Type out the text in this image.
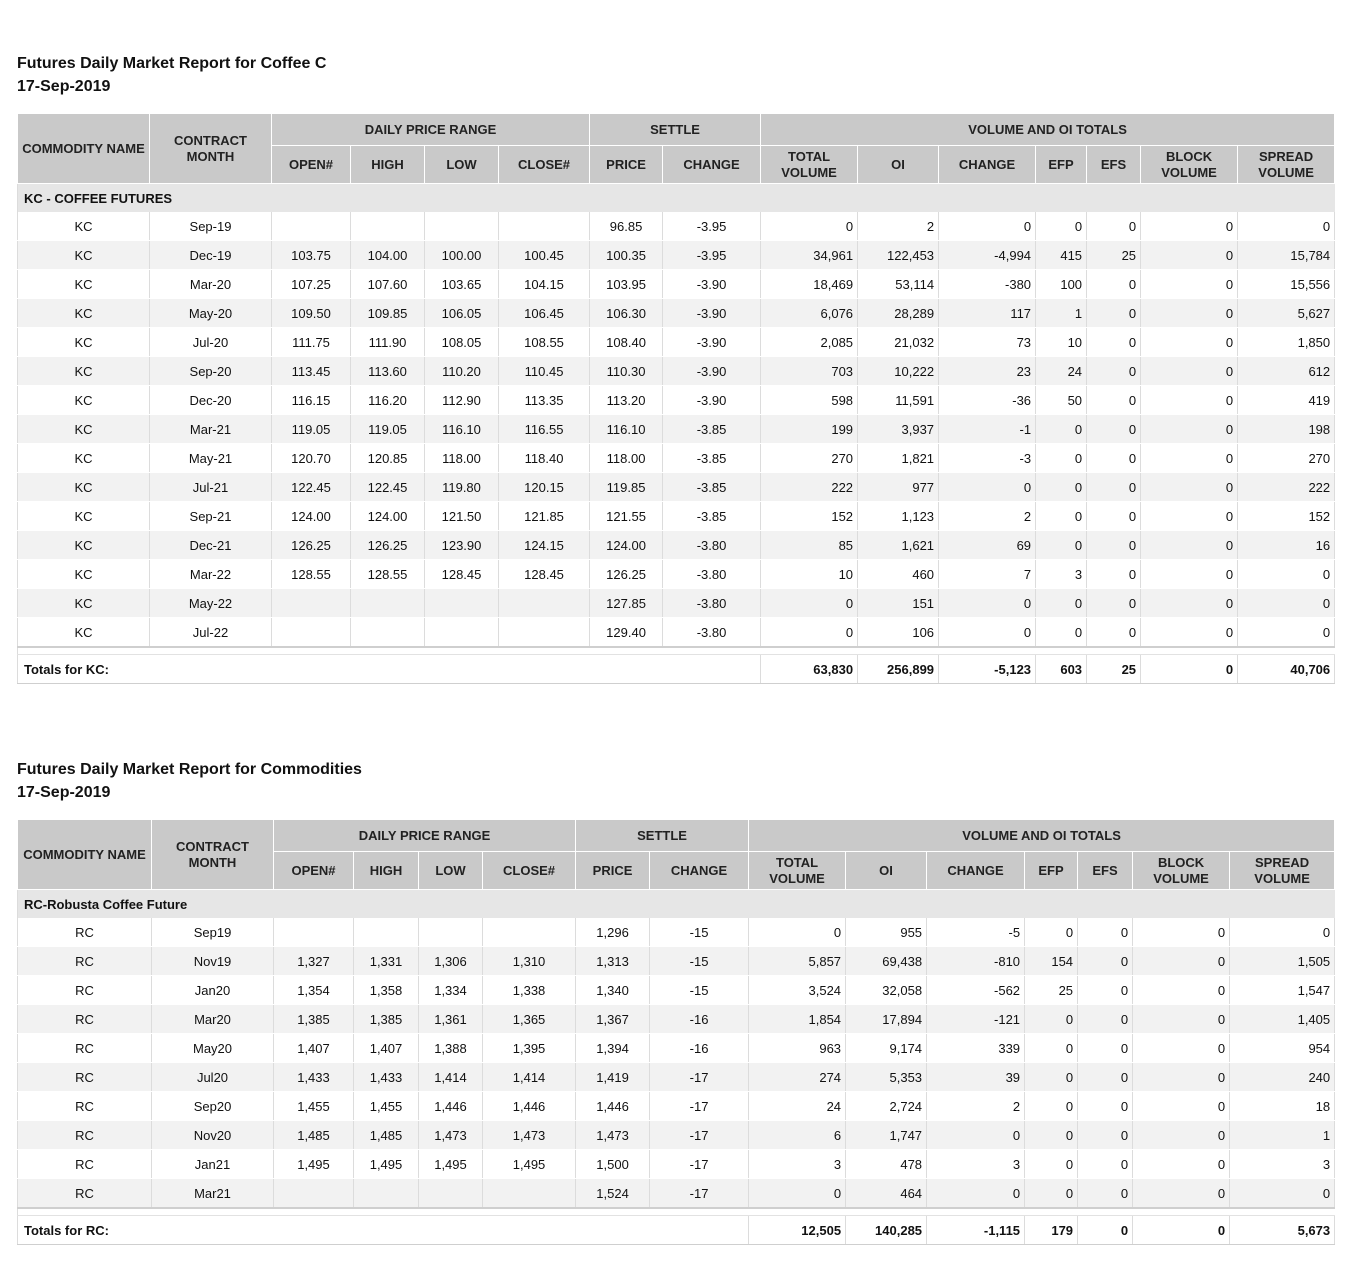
Futures Daily Market Report for Coffee C
17-Sep-2019
COMMODITY NAME	CONTRACT MONTH	DAILY PRICE RANGE				SETTLE		VOLUME AND OI TOTALS						
		OPEN#	HIGH	LOW	CLOSE#	PRICE	CHANGE	TOTAL VOLUME	OI	CHANGE	EFP	EFS	BLOCK VOLUME	SPREAD VOLUME
KC - COFFEE FUTURES														
KC	Sep-19					96.85	-3.95	0	2	0	0	0	0	0
KC	Dec-19	103.75	104.00	100.00	100.45	100.35	-3.95	34,961	122,453	-4,994	415	25	0	15,784
KC	Mar-20	107.25	107.60	103.65	104.15	103.95	-3.90	18,469	53,114	-380	100	0	0	15,556
KC	May-20	109.50	109.85	106.05	106.45	106.30	-3.90	6,076	28,289	117	1	0	0	5,627
KC	Jul-20	111.75	111.90	108.05	108.55	108.40	-3.90	2,085	21,032	73	10	0	0	1,850
KC	Sep-20	113.45	113.60	110.20	110.45	110.30	-3.90	703	10,222	23	24	0	0	612
KC	Dec-20	116.15	116.20	112.90	113.35	113.20	-3.90	598	11,591	-36	50	0	0	419
KC	Mar-21	119.05	119.05	116.10	116.55	116.10	-3.85	199	3,937	-1	0	0	0	198
KC	May-21	120.70	120.85	118.00	118.40	118.00	-3.85	270	1,821	-3	0	0	0	270
KC	Jul-21	122.45	122.45	119.80	120.15	119.85	-3.85	222	977	0	0	0	0	222
KC	Sep-21	124.00	124.00	121.50	121.85	121.55	-3.85	152	1,123	2	0	0	0	152
KC	Dec-21	126.25	126.25	123.90	124.15	124.00	-3.80	85	1,621	69	0	0	0	16
KC	Mar-22	128.55	128.55	128.45	128.45	126.25	-3.80	10	460	7	3	0	0	0
KC	May-22					127.85	-3.80	0	151	0	0	0	0	0
KC	Jul-22					129.40	-3.80	0	106	0	0	0	0	0

Totals for KC:								63,830	256,899	-5,123	603	25	0	40,706
Futures Daily Market Report for Commodities
17-Sep-2019
COMMODITY NAME	CONTRACT MONTH	DAILY PRICE RANGE				SETTLE		VOLUME AND OI TOTALS						
		OPEN#	HIGH	LOW	CLOSE#	PRICE	CHANGE	TOTAL VOLUME	OI	CHANGE	EFP	EFS	BLOCK VOLUME	SPREAD VOLUME
RC-Robusta Coffee Future														
RC	Sep19					1,296	-15	0	955	-5	0	0	0	0
RC	Nov19	1,327	1,331	1,306	1,310	1,313	-15	5,857	69,438	-810	154	0	0	1,505
RC	Jan20	1,354	1,358	1,334	1,338	1,340	-15	3,524	32,058	-562	25	0	0	1,547
RC	Mar20	1,385	1,385	1,361	1,365	1,367	-16	1,854	17,894	-121	0	0	0	1,405
RC	May20	1,407	1,407	1,388	1,395	1,394	-16	963	9,174	339	0	0	0	954
RC	Jul20	1,433	1,433	1,414	1,414	1,419	-17	274	5,353	39	0	0	0	240
RC	Sep20	1,455	1,455	1,446	1,446	1,446	-17	24	2,724	2	0	0	0	18
RC	Nov20	1,485	1,485	1,473	1,473	1,473	-17	6	1,747	0	0	0	0	1
RC	Jan21	1,495	1,495	1,495	1,495	1,500	-17	3	478	3	0	0	0	3
RC	Mar21					1,524	-17	0	464	0	0	0	0	0

Totals for RC:								12,505	140,285	-1,115	179	0	0	5,673
